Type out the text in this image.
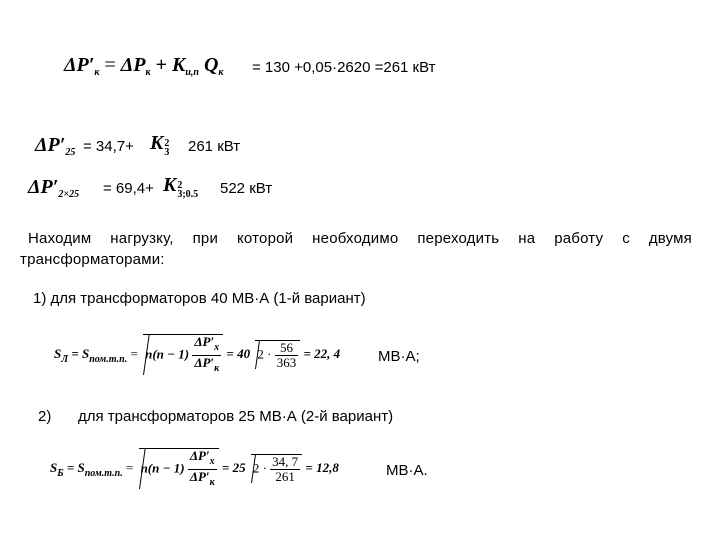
$\Delta P'_к = \Delta P_к + K_{и,п}$ $Q_к = 130 +0,05\cdot 2620 =261$ кВт
$\Delta P'_{25} = 34,7+ K2$
3 261 кВт
$\Delta P'_{2\times 25} = 69,4+ K2$
3;0.5 522 кВт
Находим нагрузку, при которой необходимо переходить на работу с двумя
трансформаторами:
1) для трансформаторов 40 МВ·А (1-й вариант)
$S_Л = S_{пом.т.п.} = n(n - 1) \frac{\Delta P'_x}{\Delta P'_к} = 40$ $2 \cdot \frac{56}{363} = 22$, 4	МВ·А;
2) для трансформаторов 25 МВ·А (2-й вариант)
$S_Б = S_{пом.т.п.} = n(n - 1) \frac{\Delta P'_x}{\Delta P'_к} = 25$ $2 \cdot \frac{34, 7}{261} = 12,8$	МВ·А.
